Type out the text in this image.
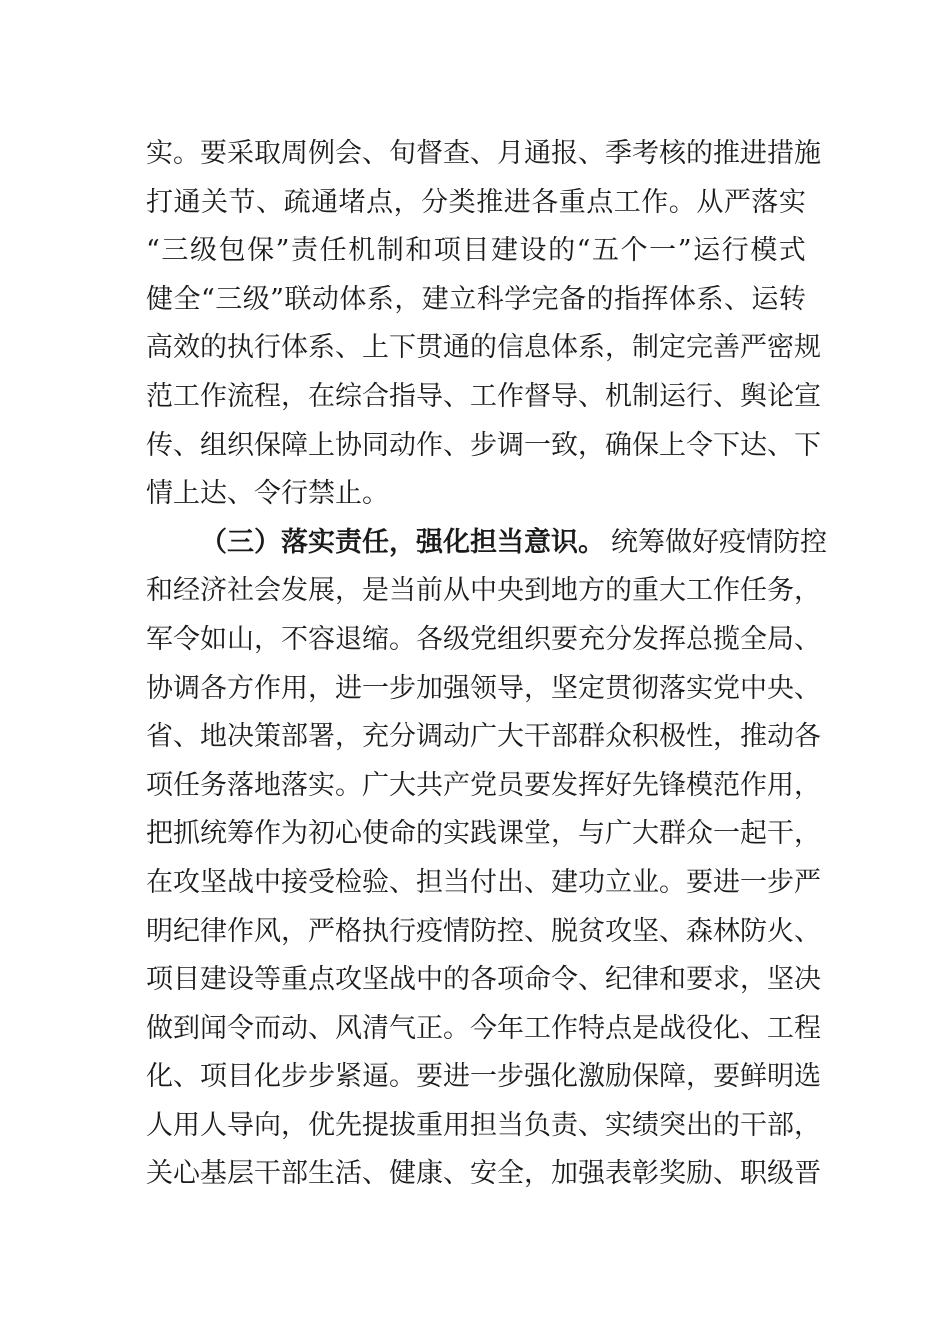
实 。 要 采 取 周 例 会 、 旬 督 查 、 月 通 报 、 季 考 核 的 推 进 措 施
打 通 关 节 、 疏 通 堵 点 ， 分 类 推 进 各 重 点 工 作 。 从 严 落 实
“ 三 级 包 保 ” 责 任 机 制 和 项 目 建 设 的 “ 五 个 一 ” 运 行 模 式
健 全 “ 三 级 ” 联 动 体 系 ， 建 立 科 学 完 备 的 指 挥 体 系 、 运 转
高 效 的 执 行 体 系 、 上 下 贯 通 的 信 息 体 系 ， 制 定 完 善 严 密 规
范 工 作 流 程 ， 在 综 合 指 导 、 工 作 督 导 、 机 制 运 行 、 舆 论 宣
传 、 组 织 保 障 上 协 同 动 作 、 步 调 一 致 ， 确 保 上 令 下 达 、 下
情上达、令行禁止。
（三）落实责任，强化担当意识。 统 筹 做 好 疫 情 防 控
和 经 济 社 会 发 展 ， 是 当 前 从 中 央 到 地 方 的 重 大 工 作 任 务 ，
军 令 如 山 ， 不 容 退 缩 。 各 级 党 组 织 要 充 分 发 挥 总 揽 全 局 、
协 调 各 方 作 用 ， 进 一 步 加 强 领 导 ， 坚 定 贯 彻 落 实 党 中 央 、
省 、 地 决 策 部 署 ， 充 分 调 动 广 大 干 部 群 众 积 极 性 ， 推 动 各
项 任 务 落 地 落 实 。 广 大 共 产 党 员 要 发 挥 好 先 锋 模 范 作 用 ，
把 抓 统 筹 作 为 初 心 使 命 的 实 践 课 堂 ， 与 广 大 群 众 一 起 干 ，
在 攻 坚 战 中 接 受 检 验 、 担 当 付 出 、 建 功 立 业 。 要 进 一 步 严
明 纪 律 作 风 ， 严 格 执 行 疫 情 防 控 、 脱 贫 攻 坚 、 森 林 防 火 、
项 目 建 设 等 重 点 攻 坚 战 中 的 各 项 命 令 、 纪 律 和 要 求 ， 坚 决
做 到 闻 令 而 动 、 风 清 气 正 。 今 年 工 作 特 点 是 战 役 化 、 工 程
化 、 项 目 化 步 步 紧 逼 。 要 进 一 步 强 化 激 励 保 障 ， 要 鲜 明 选
人 用 人 导 向 ， 优 先 提 拔 重 用 担 当 负 责 、 实 绩 突 出 的 干 部 ，
关 心 基 层 干 部 生 活 、 健 康 、 安 全 ， 加 强 表 彰 奖 励 、 职 级 晋
